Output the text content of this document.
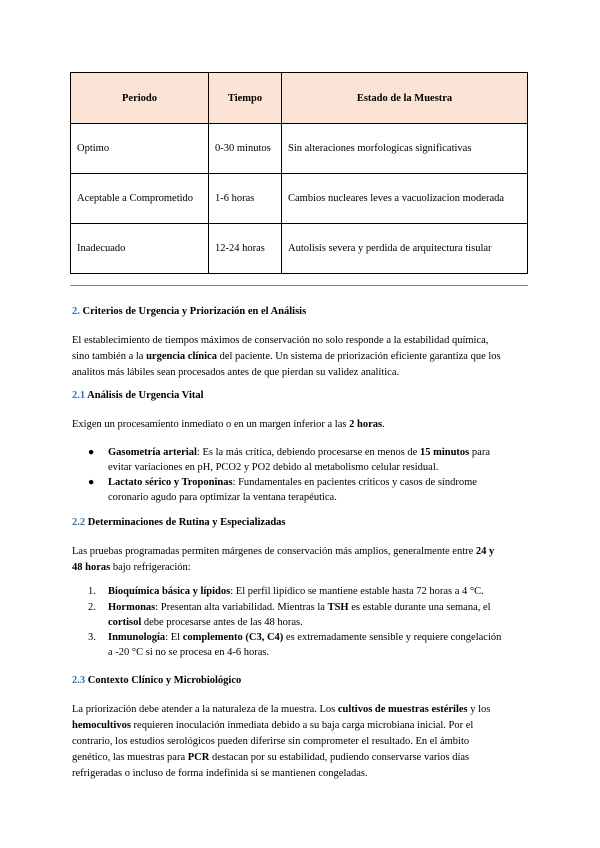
Periodo	Tiempo	Estado de la Muestra
Optimo	0-30 minutos	Sin alteraciones morfologicas significativas
Aceptable a Comprometido	1-6 horas	Cambios nucleares leves a vacuolizacion moderada
Inadecuado	12-24 horas	Autolisis severa y perdida de arquitectura tisular
2. Criterios de Urgencia y Priorización en el Análisis
El establecimiento de tiempos máximos de conservación no solo responde a la estabilidad química,
sino también a la urgencia clínica del paciente. Un sistema de priorización eficiente garantiza que los
analitos más lábiles sean procesados antes de que pierdan su validez analítica.
2.1 Análisis de Urgencia Vital
Exigen un procesamiento inmediato o en un margen inferior a las 2 horas.
● Gasometría arterial: Es la más crítica, debiendo procesarse en menos de 15 minutos para
evitar variaciones en pH, PCO2 y PO2 debido al metabolismo celular residual.
● Lactato sérico y Troponinas: Fundamentales en pacientes críticos y casos de síndrome
coronario agudo para optimizar la ventana terapéutica.
2.2 Determinaciones de Rutina y Especializadas
Las pruebas programadas permiten márgenes de conservación más amplios, generalmente entre 24 y
48 horas bajo refrigeración:
1. Bioquímica básica y lípidos: El perfil lipídico se mantiene estable hasta 72 horas a 4 °C.
2. Hormonas: Presentan alta variabilidad. Mientras la TSH es estable durante una semana, el
cortisol debe procesarse antes de las 48 horas.
3. Inmunología: El complemento (C3, C4) es extremadamente sensible y requiere congelación
a -20 °C si no se procesa en 4-6 horas.
2.3 Contexto Clínico y Microbiológico
La priorización debe atender a la naturaleza de la muestra. Los cultivos de muestras estériles y los
hemocultivos requieren inoculación inmediata debido a su baja carga microbiana inicial. Por el
contrario, los estudios serológicos pueden diferirse sin comprometer el resultado. En el ámbito
genético, las muestras para PCR destacan por su estabilidad, pudiendo conservarse varios días
refrigeradas o incluso de forma indefinida si se mantienen congeladas.
